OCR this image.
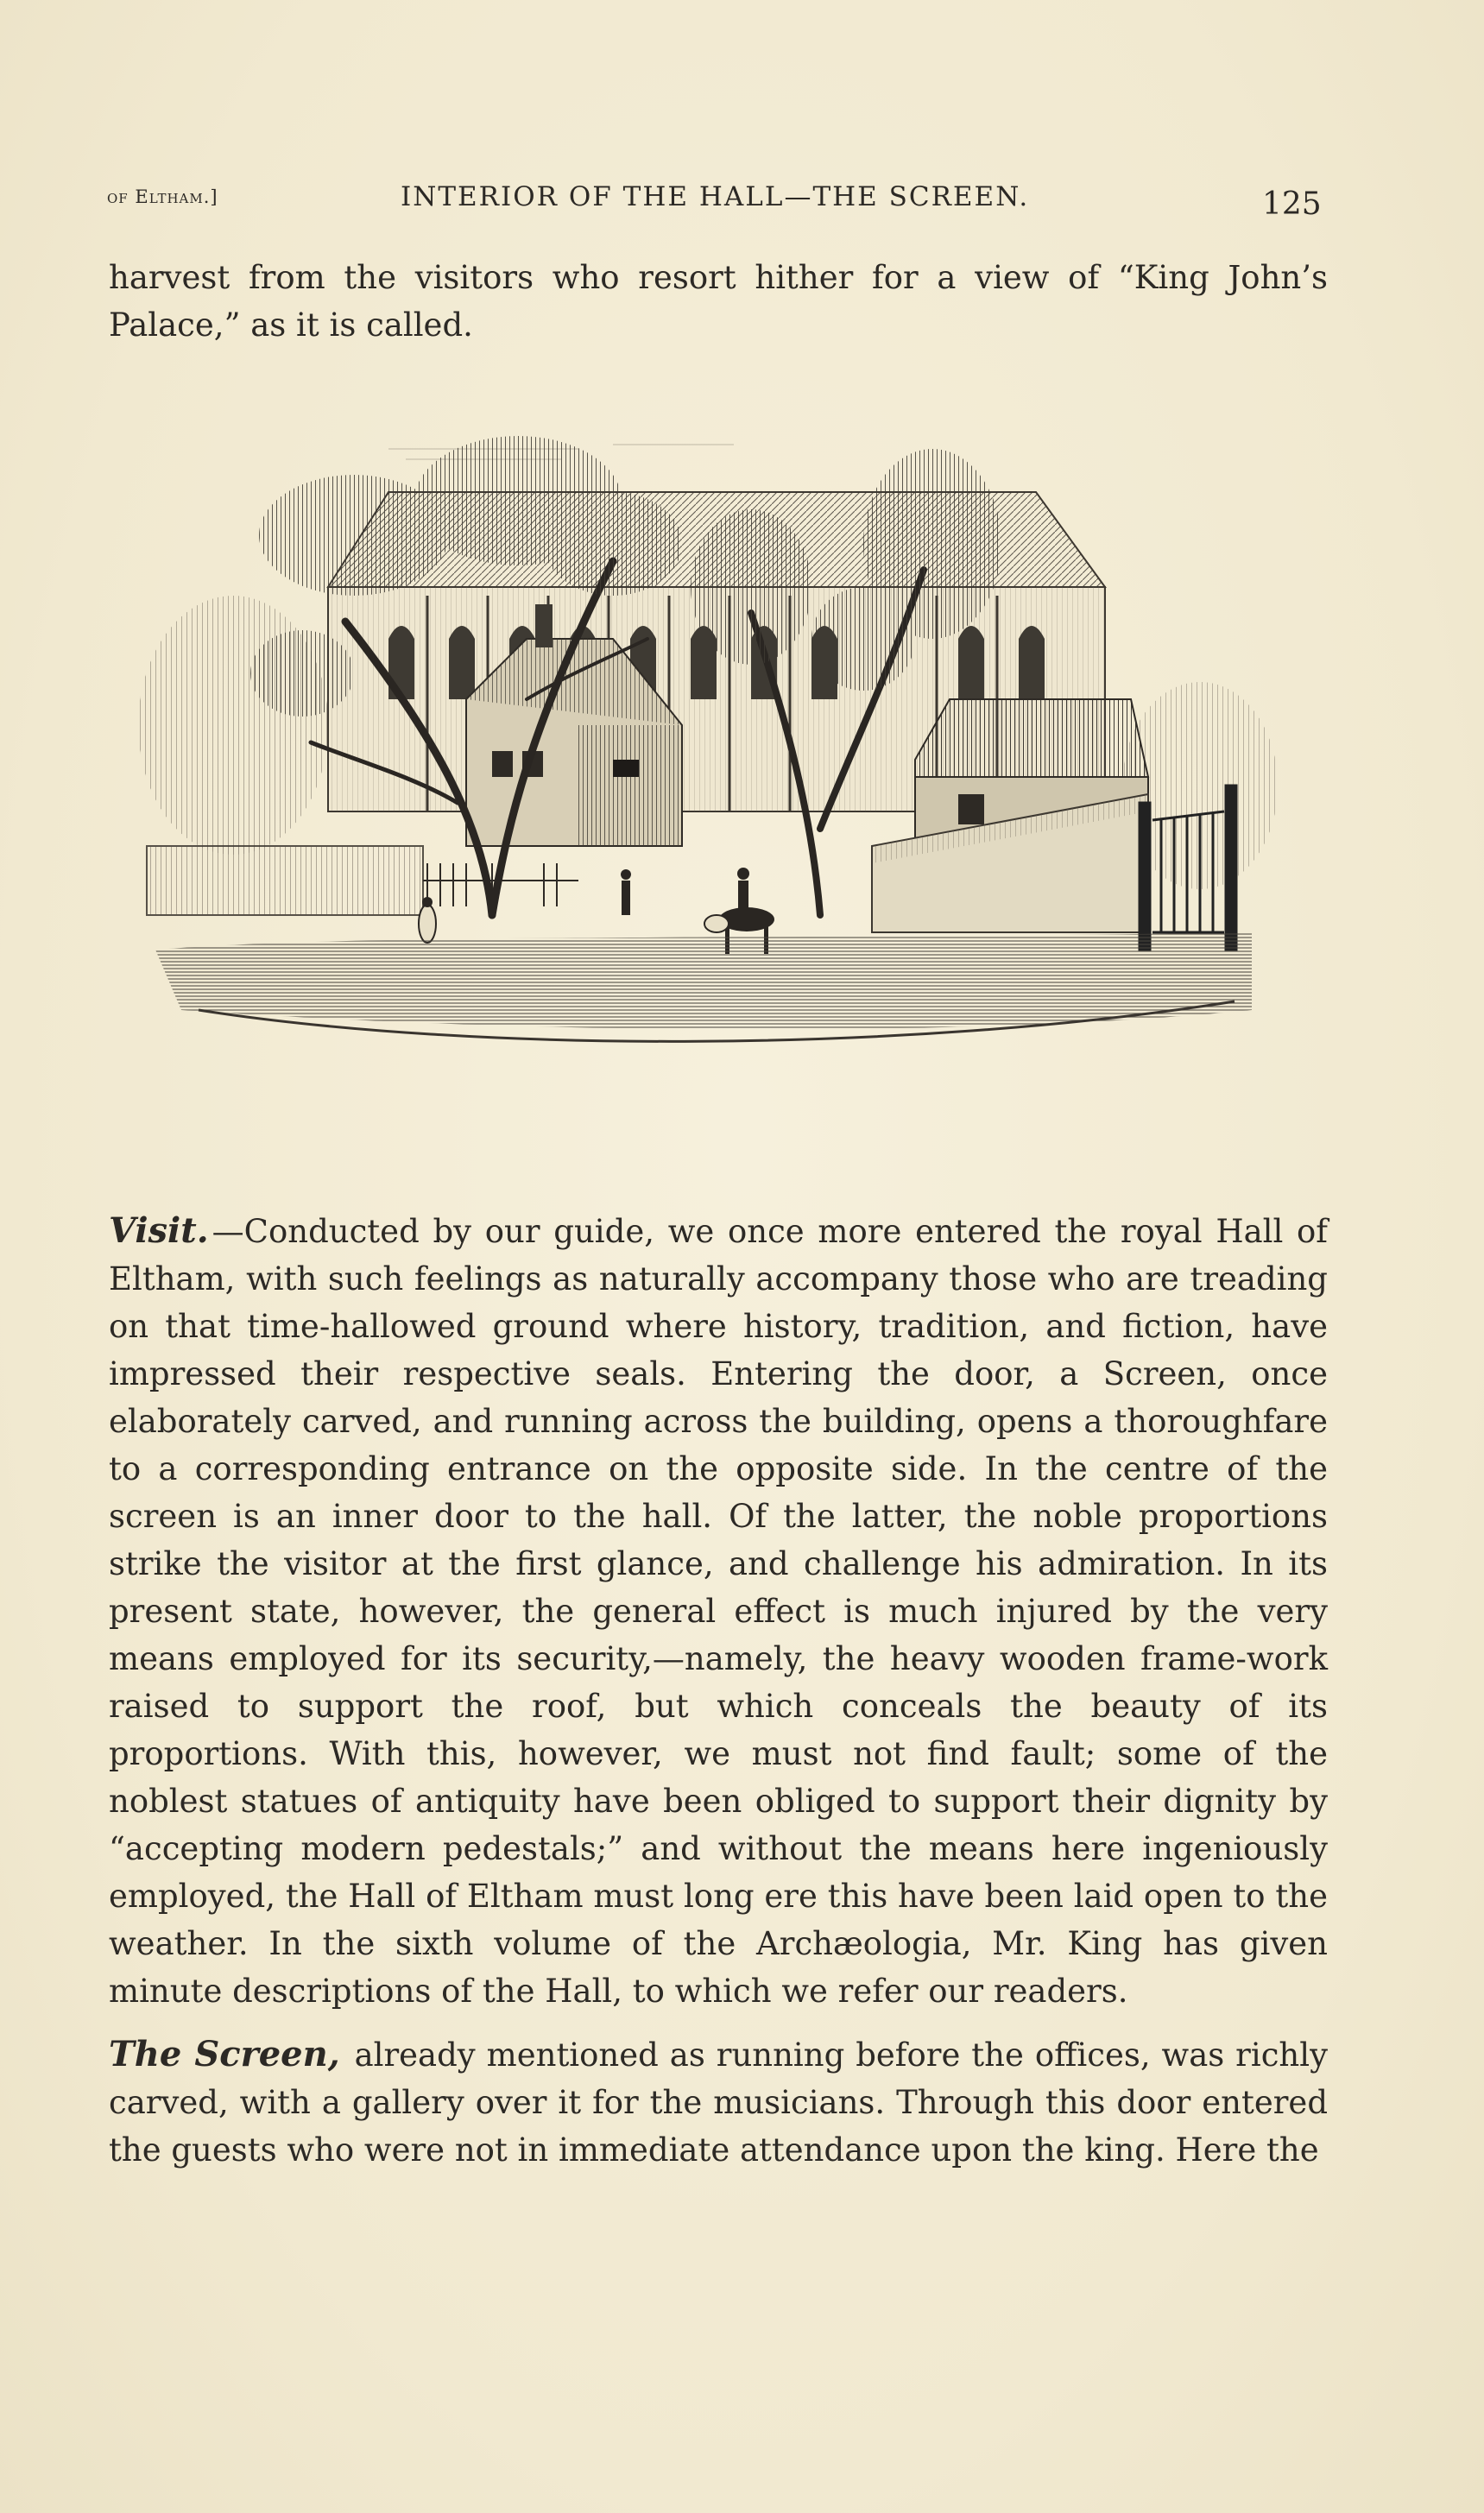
of Eltham.]	INTERIOR OF THE HALL—THE SCREEN.	125
harvest from the visitors who resort hither for a view of “King John’s Palace,” as it is called.
Visit. —Conducted by our guide, we once more entered the royal Hall of Eltham, with such feelings as naturally accompany those who are treading on that time-hallowed ground where history, tradition, and fiction, have impressed their respective seals. Entering the door, a Screen, once elaborately carved, and running across the building, opens a thoroughfare to a corresponding entrance on the opposite side. In the centre of the screen is an inner door to the hall. Of the latter, the noble proportions strike the visitor at the first glance, and challenge his admiration. In its present state, however, the general effect is much injured by the very means employed for its security,—namely, the heavy wooden frame-work raised to support the roof, but which conceals the beauty of its proportions. With this, however, we must not find fault; some of the noblest statues of antiquity have been obliged to support their dignity by “accepting modern pedestals;” and without the means here ingeniously employed, the Hall of Eltham must long ere this have been laid open to the weather. In the sixth volume of the Archæologia, Mr. King has given minute descriptions of the Hall, to which we refer our readers.
The Screen, already mentioned as running before the offices, was richly carved, with a gallery over it for the musicians. Through this door entered the guests who were not in immediate attendance upon the king. Here the
